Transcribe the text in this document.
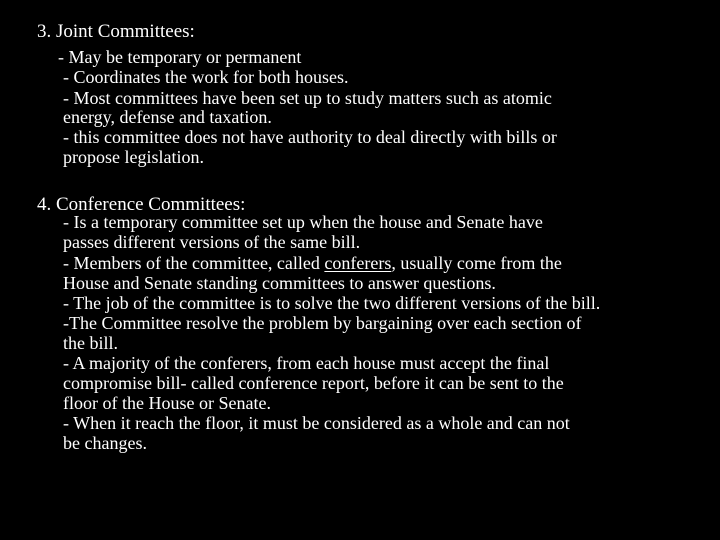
3. Joint Committees:

- May be temporary or permanent

- Coordinates the work for both houses.

- Most committees have been set up to study matters such as atomic

energy, defense and taxation.

- this committee does not have authority to deal directly with bills or

propose legislation.

4. Conference Committees:

- Is a temporary committee set up when the house and Senate have

passes different versions of the same bill.

- Members of the committee, called conferers, usually come from the

House and Senate standing committees to answer questions.

- The job of the committee is to solve the two different versions of the bill.

-The Committee resolve the problem by bargaining over each section of

the bill.

- A majority of the conferers, from each house must accept the final

compromise bill- called conference report, before it can be sent to the

floor of the House or Senate.

- When it reach the floor, it must be considered as a whole and can not

be changes.
